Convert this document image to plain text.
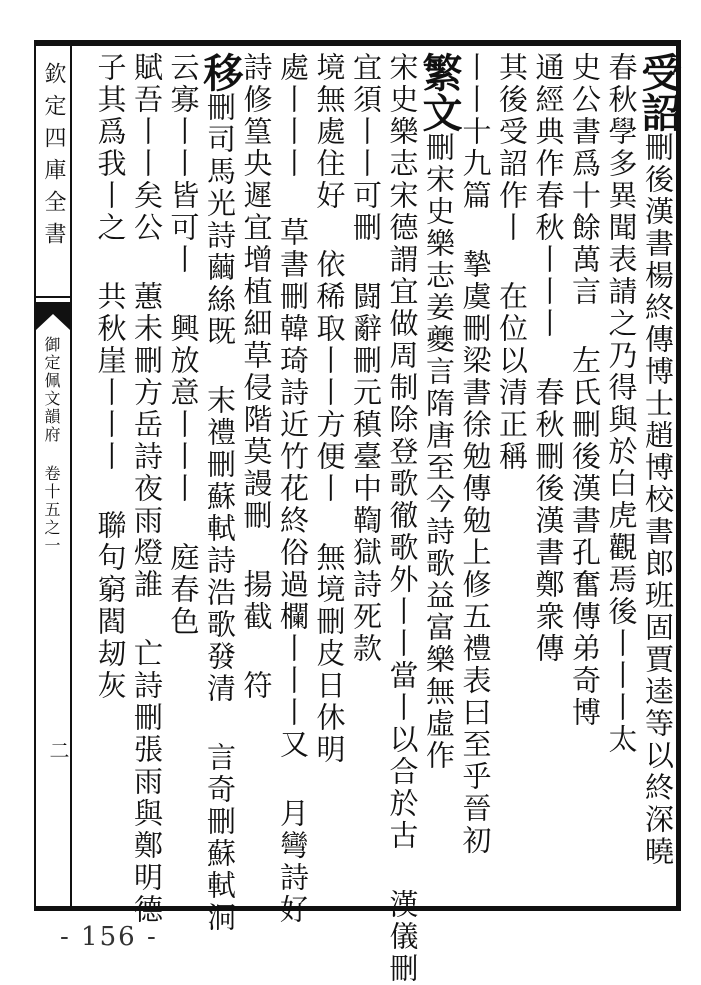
欽定四庫全書
御定佩文韻府 卷十五之一
二
受詔刪後漢書楊終傳博士趙博校書郎班固賈逵等以終深曉
春秋學多異聞表請之乃得與於白虎觀焉後丨丨丨太
史公書爲十餘萬言 左氏刪後漢書孔奮傳弟奇博
通經典作春秋丨丨丨 春秋刪後漢書鄭衆傳
其後受詔作丨 在位以清正稱
丨丨十九篇 摯虞刪梁書徐勉傳勉上修五禮表曰至乎晉初
繁文刪宋史樂志姜夔言隋唐至今詩歌益富樂無虛作
宋史樂志宋德謂宜做周制除登歌徹歌外丨丨當丨以合於古 漢儀刪
宜須丨丨可刪 闘辭刪元稹臺中鞫獄詩死款
境無處住好 依稀取丨丨方便丨 無境刪皮日休明
處丨丨丨 草書刪韓琦詩近竹花終俗過欄丨丨丨又 月彎詩好
詩修篁央遲宜增植細草侵階莫謾刪 揚截 符
移刪司馬光詩繭絲既 末禮刪蘇軾詩浩歌發清 言奇刪蘇軾洞
云寡丨丨皆可丨 興放意丨丨丨 庭春色
賦吾丨丨矣公 蕙未刪方岳詩夜雨燈誰 亡詩刪張雨與鄭明德
子其爲我丨之 共秋崖丨丨丨 聯句窮閻刼灰
- 156 -
